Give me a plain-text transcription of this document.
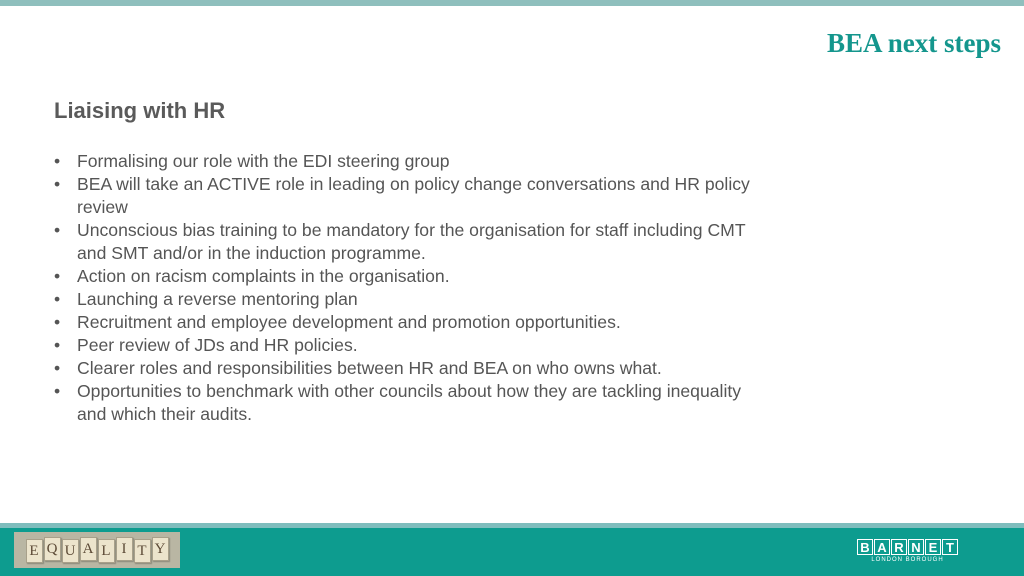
BEA next steps
Liaising with HR
• Formalising our role with the EDI steering group
• BEA will take an ACTIVE role in leading on policy change conversations and HR policy review
• Unconscious bias training to be mandatory for the organisation for staff including CMT and SMT and/or in the induction programme.
• Action on racism complaints in the organisation.
• Launching a reverse mentoring plan
• Recruitment and employee development and promotion opportunities.
• Peer review of JDs and HR policies.
• Clearer roles and responsibilities between HR and BEA on who owns what.
• Opportunities to benchmark with other councils about how they are tackling inequality and which their audits.
E Q U A L I T Y	B A R N E T
LONDON BOROUGH
